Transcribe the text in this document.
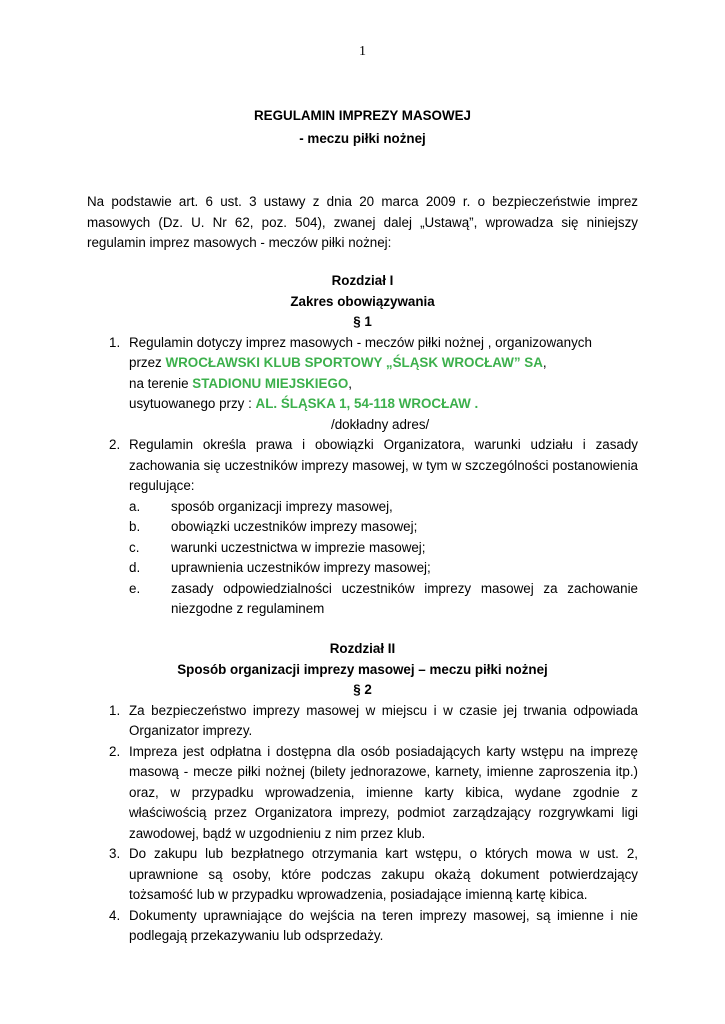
1
REGULAMIN IMPREZY MASOWEJ
- meczu piłki nożnej

Na podstawie art. 6 ust. 3 ustawy z dnia 20 marca 2009 r. o bezpieczeństwie imprez masowych (Dz. U. Nr 62, poz. 504), zwanej dalej „Ustawą”, wprowadza się niniejszy regulamin imprez masowych - meczów piłki nożnej:

Rozdział I
Zakres obowiązywania
§ 1
1. Regulamin dotyczy imprez masowych - meczów piłki nożnej , organizowanych
przez WROCŁAWSKI KLUB SPORTOWY „ŚLĄSK WROCŁAW” SA,
na terenie STADIONU MIEJSKIEGO,
usytuowanego przy : AL. ŚLĄSKA 1, 54-118 WROCŁAW .
/dokładny adres/
2. Regulamin określa prawa i obowiązki Organizatora, warunki udziału i zasady zachowania się uczestników imprezy masowej, w tym w szczególności postanowienia regulujące:

a. sposób organizacji imprezy masowej,
b. obowiązki uczestników imprezy masowej;
c. warunki uczestnictwa w imprezie masowej;
d. uprawnienia uczestników imprezy masowej;
e. zasady odpowiedzialności uczestników imprezy masowej za zachowanie niezgodne z regulaminem
Rozdział II
Sposób organizacji imprezy masowej – meczu piłki nożnej
§ 2
1. Za bezpieczeństwo imprezy masowej w miejscu i w czasie jej trwania odpowiada Organizator imprezy.

2. Impreza jest odpłatna i dostępna dla osób posiadających karty wstępu na imprezę masową - mecze piłki nożnej (bilety jednorazowe, karnety, imienne zaproszenia itp.) oraz, w przypadku wprowadzenia, imienne karty kibica, wydane zgodnie z właściwością przez Organizatora imprezy, podmiot zarządzający rozgrywkami ligi zawodowej, bądź w uzgodnieniu z nim przez klub.

3. Do zakupu lub bezpłatnego otrzymania kart wstępu, o których mowa w ust. 2, uprawnione są osoby, które podczas zakupu okażą dokument potwierdzający tożsamość lub w przypadku wprowadzenia, posiadające imienną kartę kibica.

4. Dokumenty uprawniające do wejścia na teren imprezy masowej, są imienne i nie podlegają przekazywaniu lub odsprzedaży.
